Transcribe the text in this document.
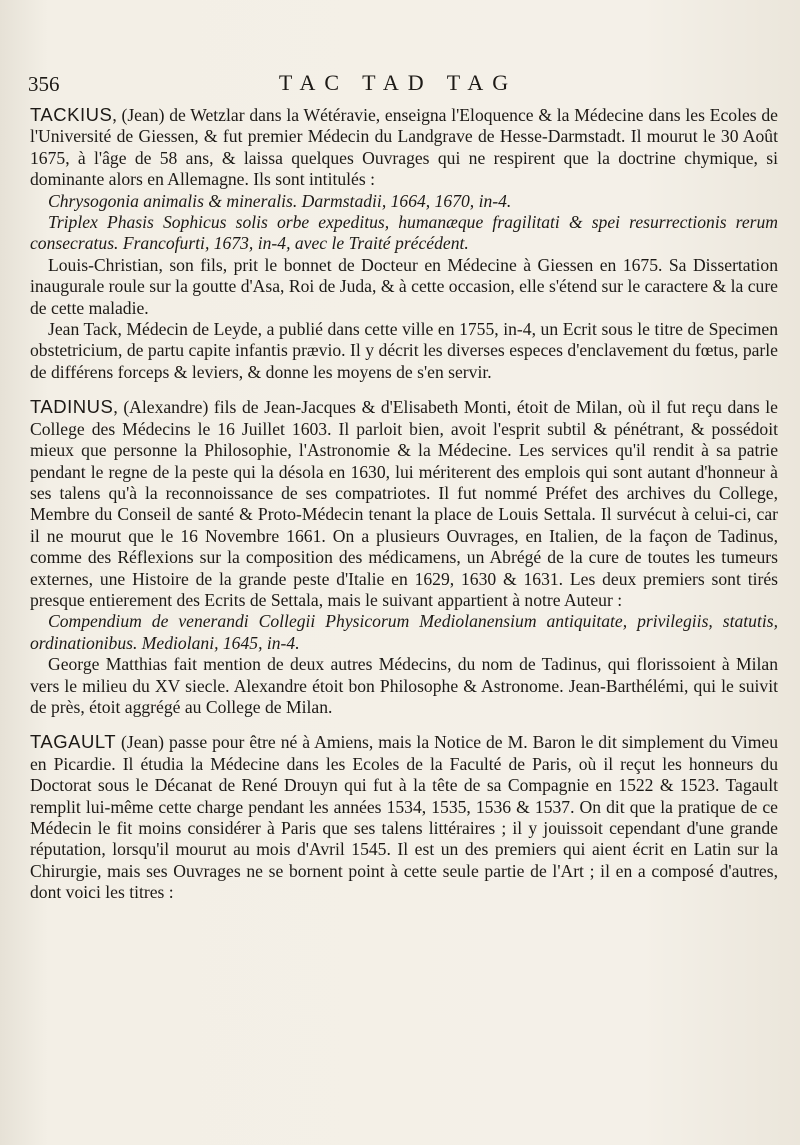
356	TAC TAD TAG

TACKIUS, (Jean) de Wetzlar dans la Wétéravie, enseigna l'Eloquence & la Médecine dans les Ecoles de l'Université de Giessen, & fut premier Médecin du Landgrave de Hesse-Darmstadt. Il mourut le 30 Août 1675, à l'âge de 58 ans, & laissa quelques Ouvrages qui ne respirent que la doctrine chymique, si dominante alors en Allemagne. Ils sont intitulés :

Chrysogonia animalis & mineralis. Darmstadii, 1664, 1670, in-4.

Triplex Phasis Sophicus solis orbe expeditus, humanæque fragilitati & spei resurrectionis rerum consecratus. Francofurti, 1673, in-4, avec le Traité précédent.

Louis-Christian, son fils, prit le bonnet de Docteur en Médecine à Giessen en 1675. Sa Dissertation inaugurale roule sur la goutte d'Asa, Roi de Juda, & à cette occasion, elle s'étend sur le caractere & la cure de cette maladie.

Jean Tack, Médecin de Leyde, a publié dans cette ville en 1755, in-4, un Ecrit sous le titre de Specimen obstetricium, de partu capite infantis prævio. Il y décrit les diverses especes d'enclavement du fœtus, parle de différens forceps & leviers, & donne les moyens de s'en servir.

TADINUS, (Alexandre) fils de Jean-Jacques & d'Elisabeth Monti, étoit de Milan, où il fut reçu dans le College des Médecins le 16 Juillet 1603. Il parloit bien, avoit l'esprit subtil & pénétrant, & possédoit mieux que personne la Philosophie, l'Astronomie & la Médecine. Les services qu'il rendit à sa patrie pendant le regne de la peste qui la désola en 1630, lui mériterent des emplois qui sont autant d'honneur à ses talens qu'à la reconnoissance de ses compatriotes. Il fut nommé Préfet des archives du College, Membre du Conseil de santé & Proto-Médecin tenant la place de Louis Settala. Il survécut à celui-ci, car il ne mourut que le 16 Novembre 1661. On a plusieurs Ouvrages, en Italien, de la façon de Tadinus, comme des Réflexions sur la composition des médicamens, un Abrégé de la cure de toutes les tumeurs externes, une Histoire de la grande peste d'Italie en 1629, 1630 & 1631. Les deux premiers sont tirés presque entierement des Ecrits de Settala, mais le suivant appartient à notre Auteur :

Compendium de venerandi Collegii Physicorum Mediolanensium antiquitate, privilegiis, statutis, ordinationibus. Mediolani, 1645, in-4.

George Matthias fait mention de deux autres Médecins, du nom de Tadinus, qui florissoient à Milan vers le milieu du XV siecle. Alexandre étoit bon Philosophe & Astronome. Jean-Barthélémi, qui le suivit de près, étoit aggrégé au College de Milan.

TAGAULT (Jean) passe pour être né à Amiens, mais la Notice de M. Baron le dit simplement du Vimeu en Picardie. Il étudia la Médecine dans les Ecoles de la Faculté de Paris, où il reçut les honneurs du Doctorat sous le Décanat de René Drouyn qui fut à la tête de sa Compagnie en 1522 & 1523. Tagault remplit lui-même cette charge pendant les années 1534, 1535, 1536 & 1537. On dit que la pratique de ce Médecin le fit moins considérer à Paris que ses talens littéraires ; il y jouissoit cependant d'une grande réputation, lorsqu'il mourut au mois d'Avril 1545. Il est un des premiers qui aient écrit en Latin sur la Chirurgie, mais ses Ouvrages ne se bornent point à cette seule partie de l'Art ; il en a composé d'autres, dont voici les titres :
